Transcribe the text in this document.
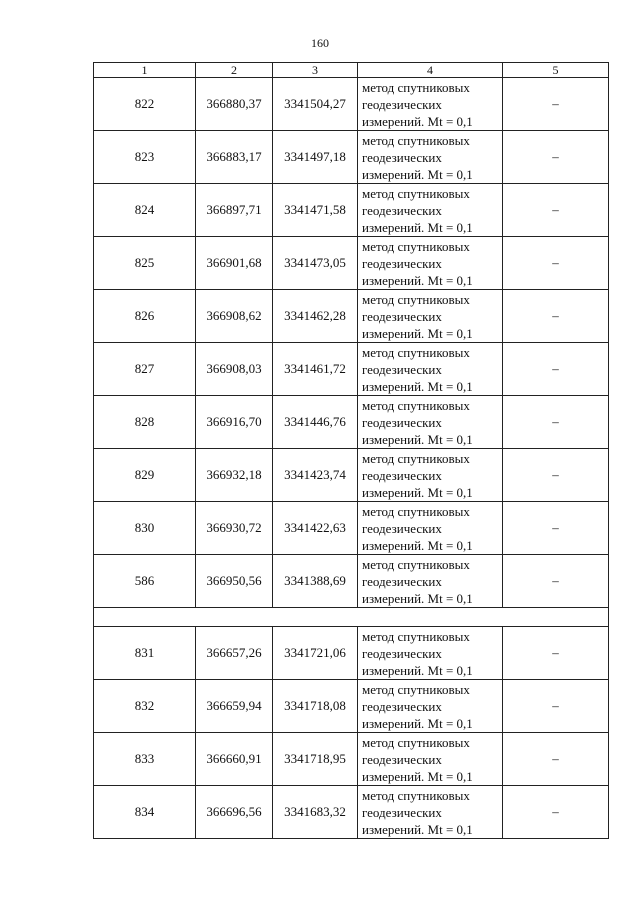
160
1	2	3	4	5
822	366880,37	3341504,27	метод спутниковых
геодезических
измерений. Mt = 0,1	–
823	366883,17	3341497,18	метод спутниковых
геодезических
измерений. Mt = 0,1	–
824	366897,71	3341471,58	метод спутниковых
геодезических
измерений. Mt = 0,1	–
825	366901,68	3341473,05	метод спутниковых
геодезических
измерений. Mt = 0,1	–
826	366908,62	3341462,28	метод спутниковых
геодезических
измерений. Mt = 0,1	–
827	366908,03	3341461,72	метод спутниковых
геодезических
измерений. Mt = 0,1	–
828	366916,70	3341446,76	метод спутниковых
геодезических
измерений. Mt = 0,1	–
829	366932,18	3341423,74	метод спутниковых
геодезических
измерений. Mt = 0,1	–
830	366930,72	3341422,63	метод спутниковых
геодезических
измерений. Mt = 0,1	–
586	366950,56	3341388,69	метод спутниковых
геодезических
измерений. Mt = 0,1	–

831	366657,26	3341721,06	метод спутниковых
геодезических
измерений. Mt = 0,1	–
832	366659,94	3341718,08	метод спутниковых
геодезических
измерений. Mt = 0,1	–
833	366660,91	3341718,95	метод спутниковых
геодезических
измерений. Mt = 0,1	–
834	366696,56	3341683,32	метод спутниковых
геодезических
измерений. Mt = 0,1	–
